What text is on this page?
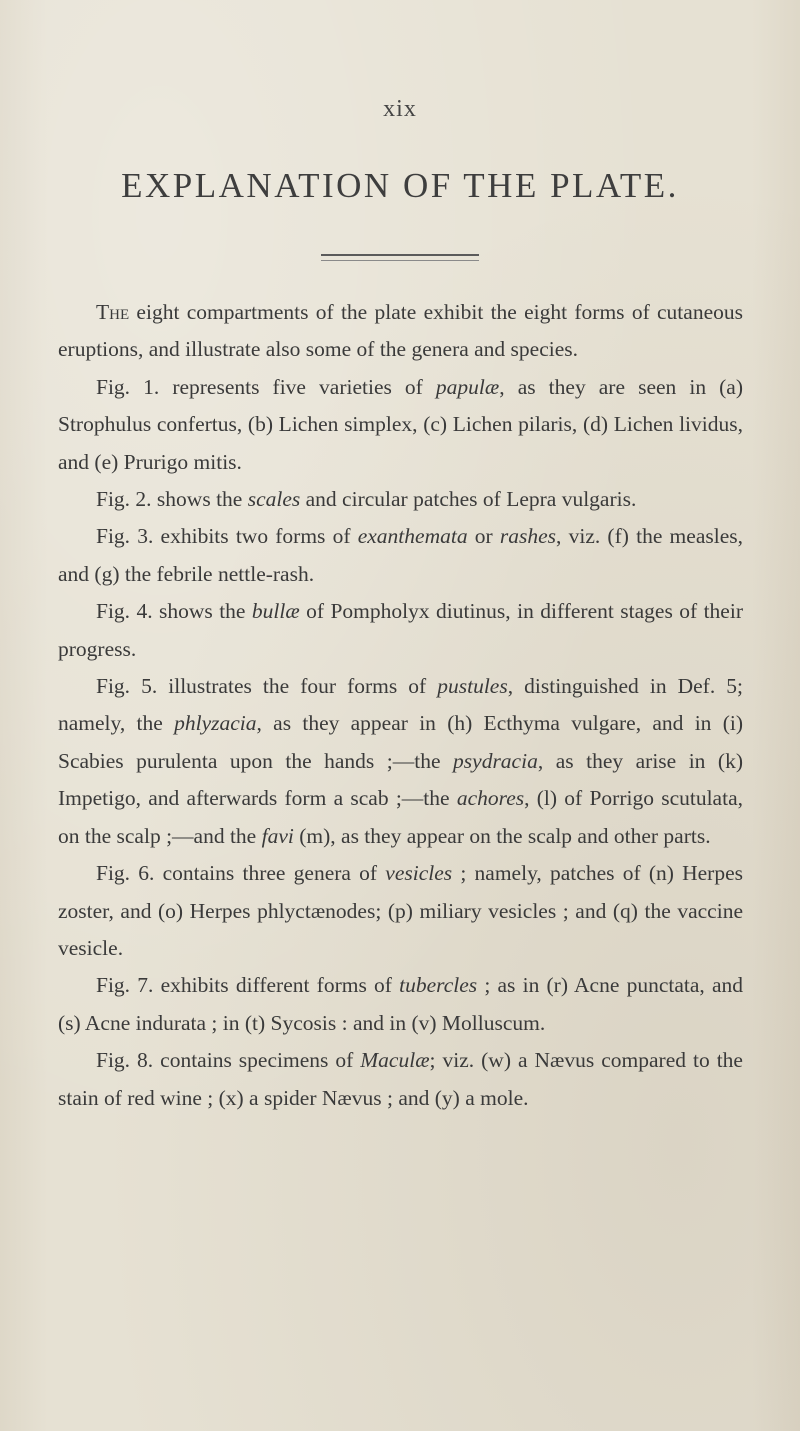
xix
EXPLANATION OF THE PLATE.

The eight compartments of the plate exhibit the eight forms of cutaneous eruptions, and illustrate also some of the genera and species.

Fig. 1. represents five varieties of papulæ, as they are seen in (a) Strophulus confertus, (b) Lichen simplex, (c) Lichen pilaris, (d) Lichen lividus, and (e) Prurigo mitis.

Fig. 2. shows the scales and circular patches of Lepra vulgaris.

Fig. 3. exhibits two forms of exanthemata or rashes, viz. (f) the measles, and (g) the febrile nettle-rash.

Fig. 4. shows the bullæ of Pompholyx diutinus, in different stages of their progress.

Fig. 5. illustrates the four forms of pustules, distinguished in Def. 5; namely, the phlyzacia, as they appear in (h) Ecthyma vulgare, and in (i) Scabies purulenta upon the hands ;—the psydracia, as they arise in (k) Impetigo, and afterwards form a scab ;—the achores, (l) of Porrigo scutulata, on the scalp ;—and the favi (m), as they appear on the scalp and other parts.

Fig. 6. contains three genera of vesicles ; namely, patches of (n) Herpes zoster, and (o) Herpes phlyctænodes; (p) miliary vesicles ; and (q) the vaccine vesicle.

Fig. 7. exhibits different forms of tubercles ; as in (r) Acne punctata, and (s) Acne indurata ; in (t) Sycosis : and in (v) Molluscum.

Fig. 8. contains specimens of Maculæ; viz. (w) a Nævus compared to the stain of red wine ; (x) a spider Nævus ; and (y) a mole.
